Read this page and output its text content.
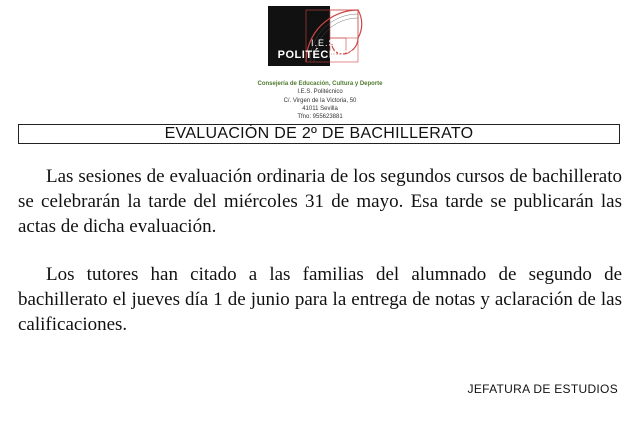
I.E.S.
POLITÉCNICO
Consejería de Educación, Cultura y Deporte
I.E.S. Politécnico
C/. Virgen de la Victoria, 50
41011 Sevilla
Tfno: 955623881
EVALUACIÓN DE 2º DE BACHILLERATO

Las sesiones de evaluación ordinaria de los segundos cursos de bachillerato se celebrarán la tarde del miércoles 31 de mayo. Esa tarde se publicarán las actas de dicha evaluación.

Los tutores han citado a las familias del alumnado de segundo de bachillerato el jueves día 1 de junio para la entrega de notas y aclaración de las calificaciones.

JEFATURA DE ESTUDIOS
